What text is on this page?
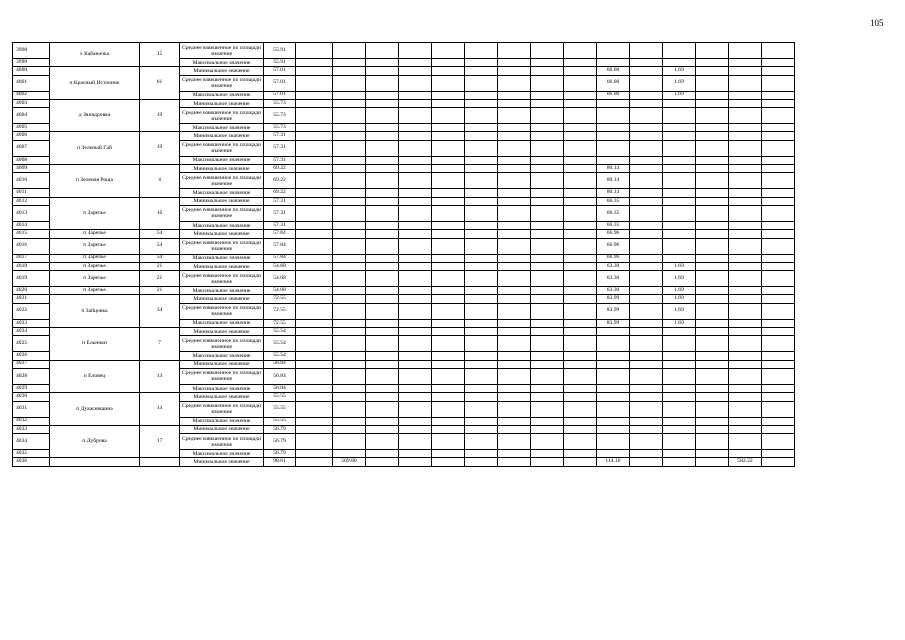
105
3998	х Кабаночка	15	Среднее взвешенное по площади значение	55.91															
3999			Максимальное значение	55.91															
4000	п Красный Источник	61	Минимальное значение	57.01										66.00		1.69			
4001			Среднее взвешенное по площади значение	57.01										66.00		1.69			
4002			Максимальное значение	57.01										66.00		1.69			
4003	д Звиядровка	19	Минимальное значение	55.73															
4004			Среднее взвешенное по площади значение	55.73															
4005			Максимальное значение	55.73															
4006	п Зеленый Гай	19	Минимальное значение	57.31															
4007			Среднее взвешенное по площади значение	57.31															
4008			Максимальное значение	57.31															
4009	п Зеленая Роща	4	Минимальное значение	69.22										80.14					
4010			Среднее взвешенное по площади значение	69.22										80.14					
4011			Максимальное значение	69.22										80.14					
4012	п Заречье	16	Минимальное значение	57.31										66.35					
4013			Среднее взвешенное по площади значение	57.31										66.35					
4014			Максимальное значение	57.31										66.35					
4015	п Заречье	54	Минимальное значение	57.84										66.96					
4016	п Заречье	54	Среднее взвешенное по площади значение	57.84										66.96					
4017	п Заречье	54	Максимальное значение	57.84										66.96					
4018	п Заречье	21	Минимальное значение	54.68										63.30		1.69			
4019	п Заречье	21	Среднее взвешенное по площади значение	54.68										63.30		1.69			
4020	п Заречье	21	Максимальное значение	54.68										63.30		1.69			
4021	п Зайцовка	34	Минимальное значение	72.55										83.99		1.69			
4022			Среднее взвешенное по площади значение	72.55										83.99		1.69			
4023			Максимальное значение	72.55										83.99		1.69			
4024	п Ельники	7	Минимальное значение	55.54															
4025			Среднее взвешенное по площади значение	55.54															
4026			Максимальное значение	55.54															
4027	п Еловец	13	Минимальное значение	56.84															
4028			Среднее взвешенное по площади значение	56.84															
4029			Максимальное значение	56.84															
4030	п Дукасевщина	14	Минимальное значение	55.55															
4031			Среднее взвешенное по площади значение	55.55															
4032			Максимальное значение	55.55															
4033	п Дуброва	17	Минимальное значение	56.79															
4034			Среднее взвешенное по площади значение	56.79															
4035			Максимальное значение	56.79															
4036			Минимальное значение	98.61		569.80								114.16				582.22	
